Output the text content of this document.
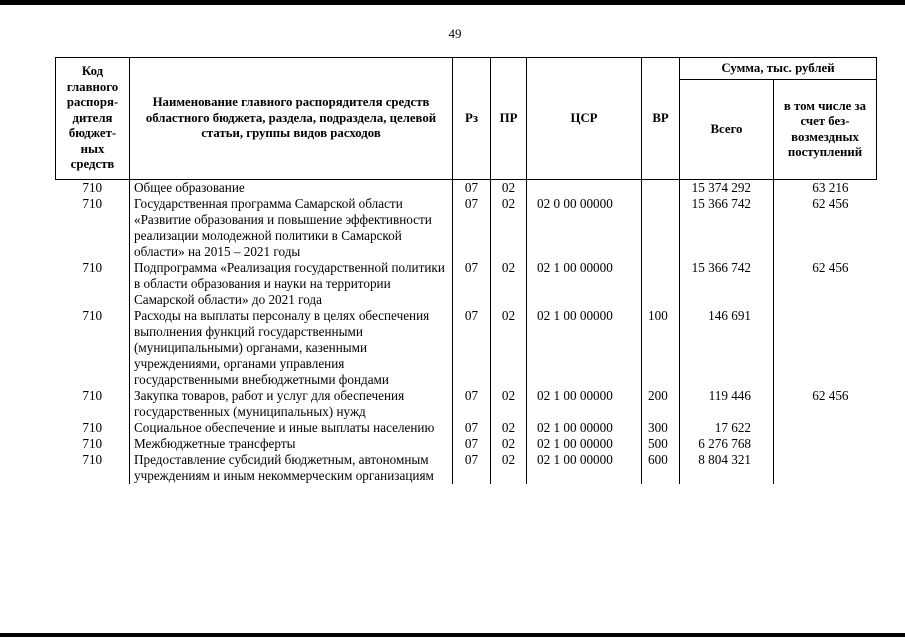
49
Код главного распоря-дителя бюджет-ных средств	Наименование главного распорядителя средств областного бюджета, раздела, подраздела, целевой статьи, группы видов расходов	Рз	ПР	ЦСР	ВР	Сумма, тыс. рублей	
						Всего	в том числе за счет без-возмездных поступлений
710	Общее образование	07	02			15 374 292	63 216
710	Государственная программа Самарской области «Развитие образования и повышение эффективности реализации молодежной политики в Самарской области» на 2015 – 2021 годы	07	02	02 0 00 00000		15 366 742	62 456
710	Подпрограмма «Реализация государственной политики в области образования и науки на территории Самарской области» до 2021 года	07	02	02 1 00 00000		15 366 742	62 456
710	Расходы на выплаты персоналу в целях обеспечения выполнения функций государственными (муниципальными) органами, казенными учреждениями, органами управления государственными внебюджетными фондами	07	02	02 1 00 00000	100	146 691	
710	Закупка товаров, работ и услуг для обеспечения государственных (муниципальных) нужд	07	02	02 1 00 00000	200	119 446	62 456
710	Социальное обеспечение и иные выплаты населению	07	02	02 1 00 00000	300	17 622	
710	Межбюджетные трансферты	07	02	02 1 00 00000	500	6 276 768	
710	Предоставление субсидий бюджетным, автономным учреждениям и иным некоммерческим организациям	07	02	02 1 00 00000	600	8 804 321	
